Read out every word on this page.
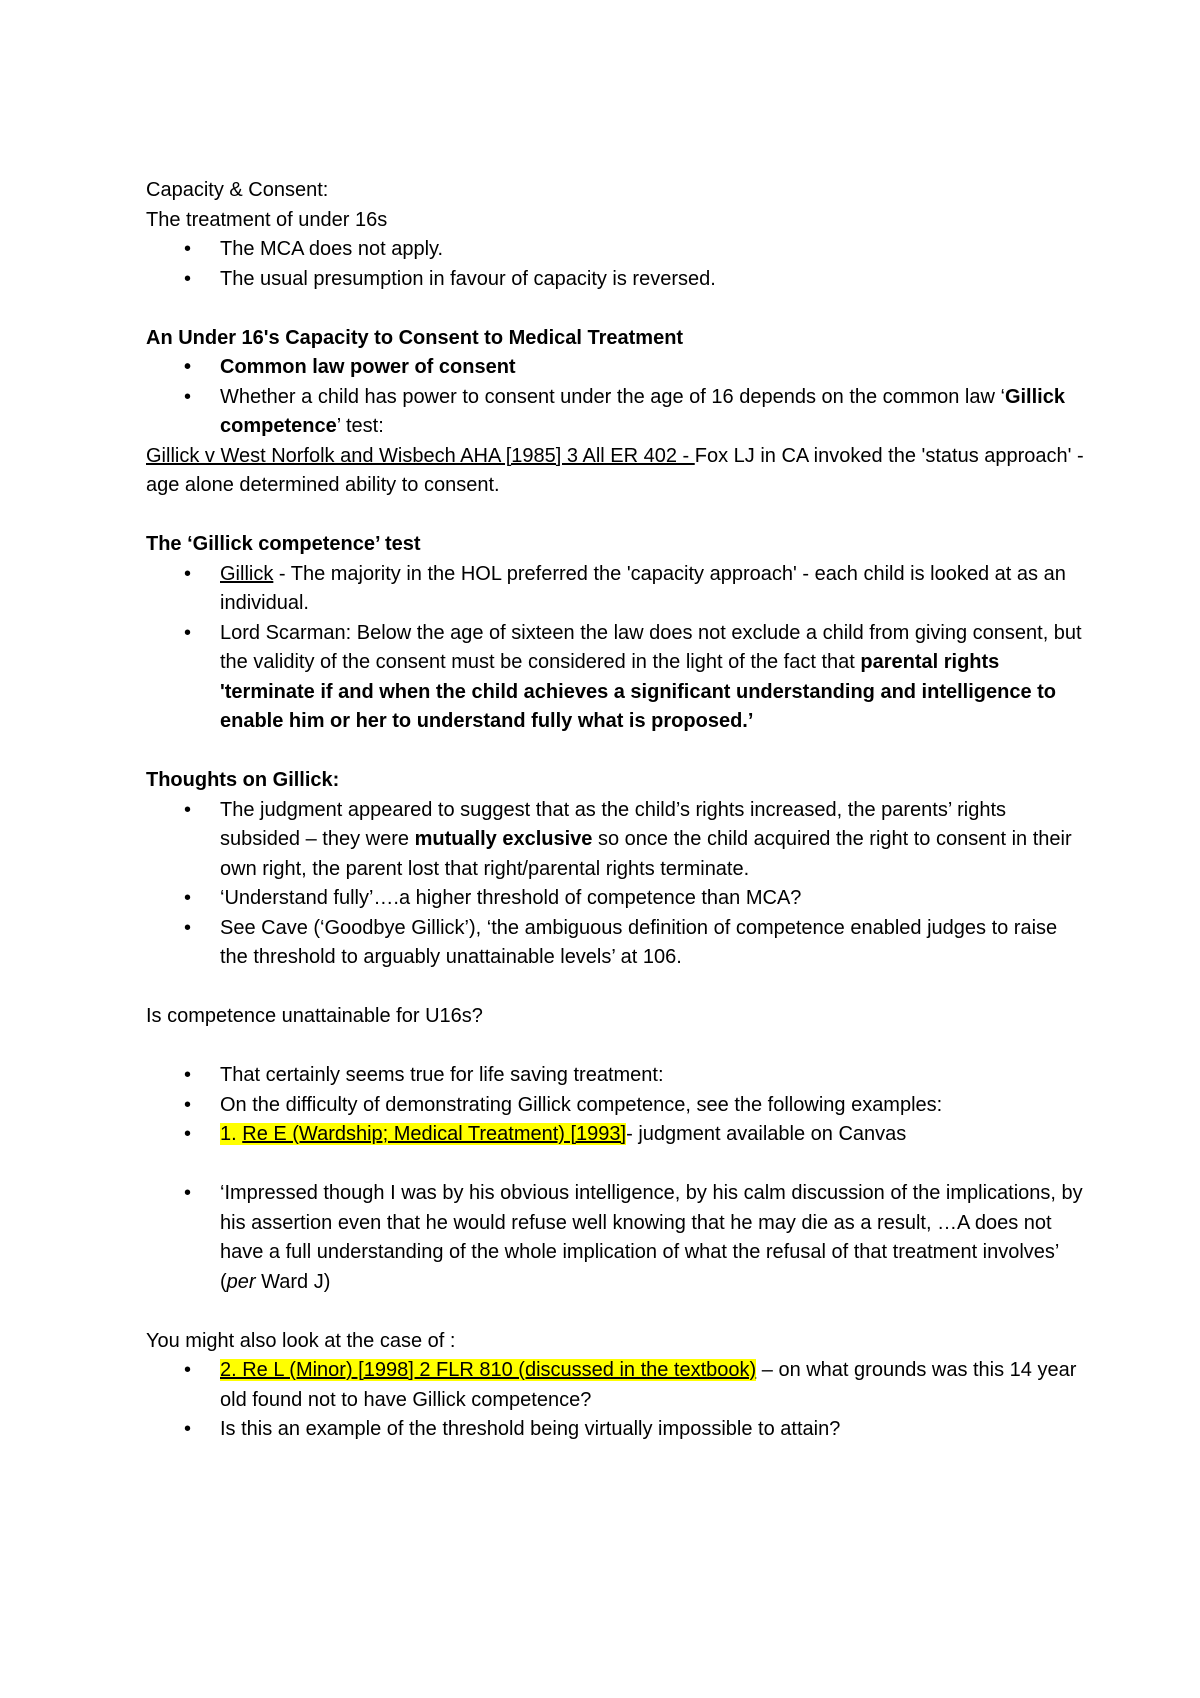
Capacity & Consent:
The treatment of under 16s
• The MCA does not apply.
• The usual presumption in favour of capacity is reversed.
An Under 16's Capacity to Consent to Medical Treatment
• Common law power of consent
• Whether a child has power to consent under the age of 16 depends on the common law ‘Gillick competence’ test:
Gillick v West Norfolk and Wisbech AHA [1985] 3 All ER 402 - Fox LJ in CA invoked the 'status approach' - age alone determined ability to consent.
The ‘Gillick competence’ test
• Gillick - The majority in the HOL preferred the 'capacity approach' - each child is looked at as an individual.
• Lord Scarman: Below the age of sixteen the law does not exclude a child from giving consent, but the validity of the consent must be considered in the light of the fact that parental rights 'terminate if and when the child achieves a significant understanding and intelligence to enable him or her to understand fully what is proposed.’
Thoughts on Gillick:
• The judgment appeared to suggest that as the child’s rights increased, the parents’ rights subsided – they were mutually exclusive so once the child acquired the right to consent in their own right, the parent lost that right/parental rights terminate.
• ‘Understand fully’….a higher threshold of competence than MCA?
• See Cave (‘Goodbye Gillick’), ‘the ambiguous definition of competence enabled judges to raise the threshold to arguably unattainable levels’ at 106.
Is competence unattainable for U16s?
• That certainly seems true for life saving treatment:
• On the difficulty of demonstrating Gillick competence, see the following examples:
• 1. Re E (Wardship; Medical Treatment) [1993]- judgment available on Canvas
• ‘Impressed though I was by his obvious intelligence, by his calm discussion of the implications, by his assertion even that he would refuse well knowing that he may die as a result, …A does not have a full understanding of the whole implication of what the refusal of that treatment involves’ (per Ward J)
You might also look at the case of :
• 2. Re L (Minor) [1998] 2 FLR 810 (discussed in the textbook) – on what grounds was this 14 year old found not to have Gillick competence?
• Is this an example of the threshold being virtually impossible to attain?
